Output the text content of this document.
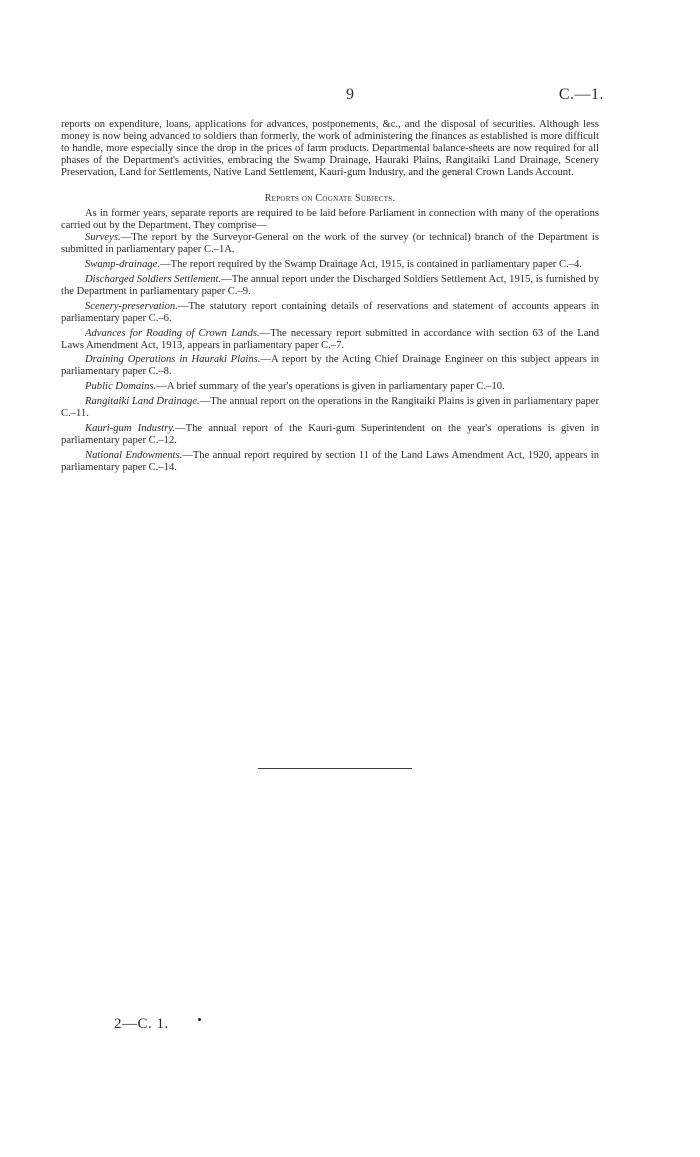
9	C.—1.

reports on expenditure, loans, applications for advances, postponements, &c., and the disposal of securities. Although less money is now being advanced to soldiers than formerly, the work of administering the finances as established is more difficult to handle, more especially since the drop in the prices of farm products. Departmental balance-sheets are now required for all phases of the Department's activities, embracing the Swamp Drainage, Hauraki Plains, Rangitaiki Land Drainage, Scenery Preservation, Land for Settlements, Native Land Settlement, Kauri-gum Industry, and the general Crown Lands Account.

Reports on Cognate Subjects.

As in former years, separate reports are required to be laid before Parliament in connection with many of the operations carried out by the Department. They comprise—

Surveys.—The report by the Surveyor-General on the work of the survey (or technical) branch of the Department is submitted in parliamentary paper C.–1A.

Swamp-drainage.—The report required by the Swamp Drainage Act, 1915, is contained in parliamentary paper C.–4.

Discharged Soldiers Settlement.—The annual report under the Discharged Soldiers Settlement Act, 1915, is furnished by the Department in parliamentary paper C.–9.

Scenery-preservation.—The statutory report containing details of reservations and statement of accounts appears in parliamentary paper C.–6.

Advances for Roading of Crown Lands.—The necessary report submitted in accordance with section 63 of the Land Laws Amendment Act, 1913, appears in parliamentary paper C.–7.

Draining Operations in Hauraki Plains.—A report by the Acting Chief Drainage Engineer on this subject appears in parliamentary paper C.–8.

Public Domains.—A brief summary of the year's operations is given in parliamentary paper C.–10.

Rangitaiki Land Drainage.—The annual report on the operations in the Rangitaiki Plains is given in parliamentary paper C.–11.

Kauri-gum Industry.—The annual report of the Kauri-gum Superintendent on the year's operations is given in parliamentary paper C.–12.

National Endowments.—The annual report required by section 11 of the Land Laws Amendment Act, 1920, appears in parliamentary paper C.–14.

2—C. 1.
